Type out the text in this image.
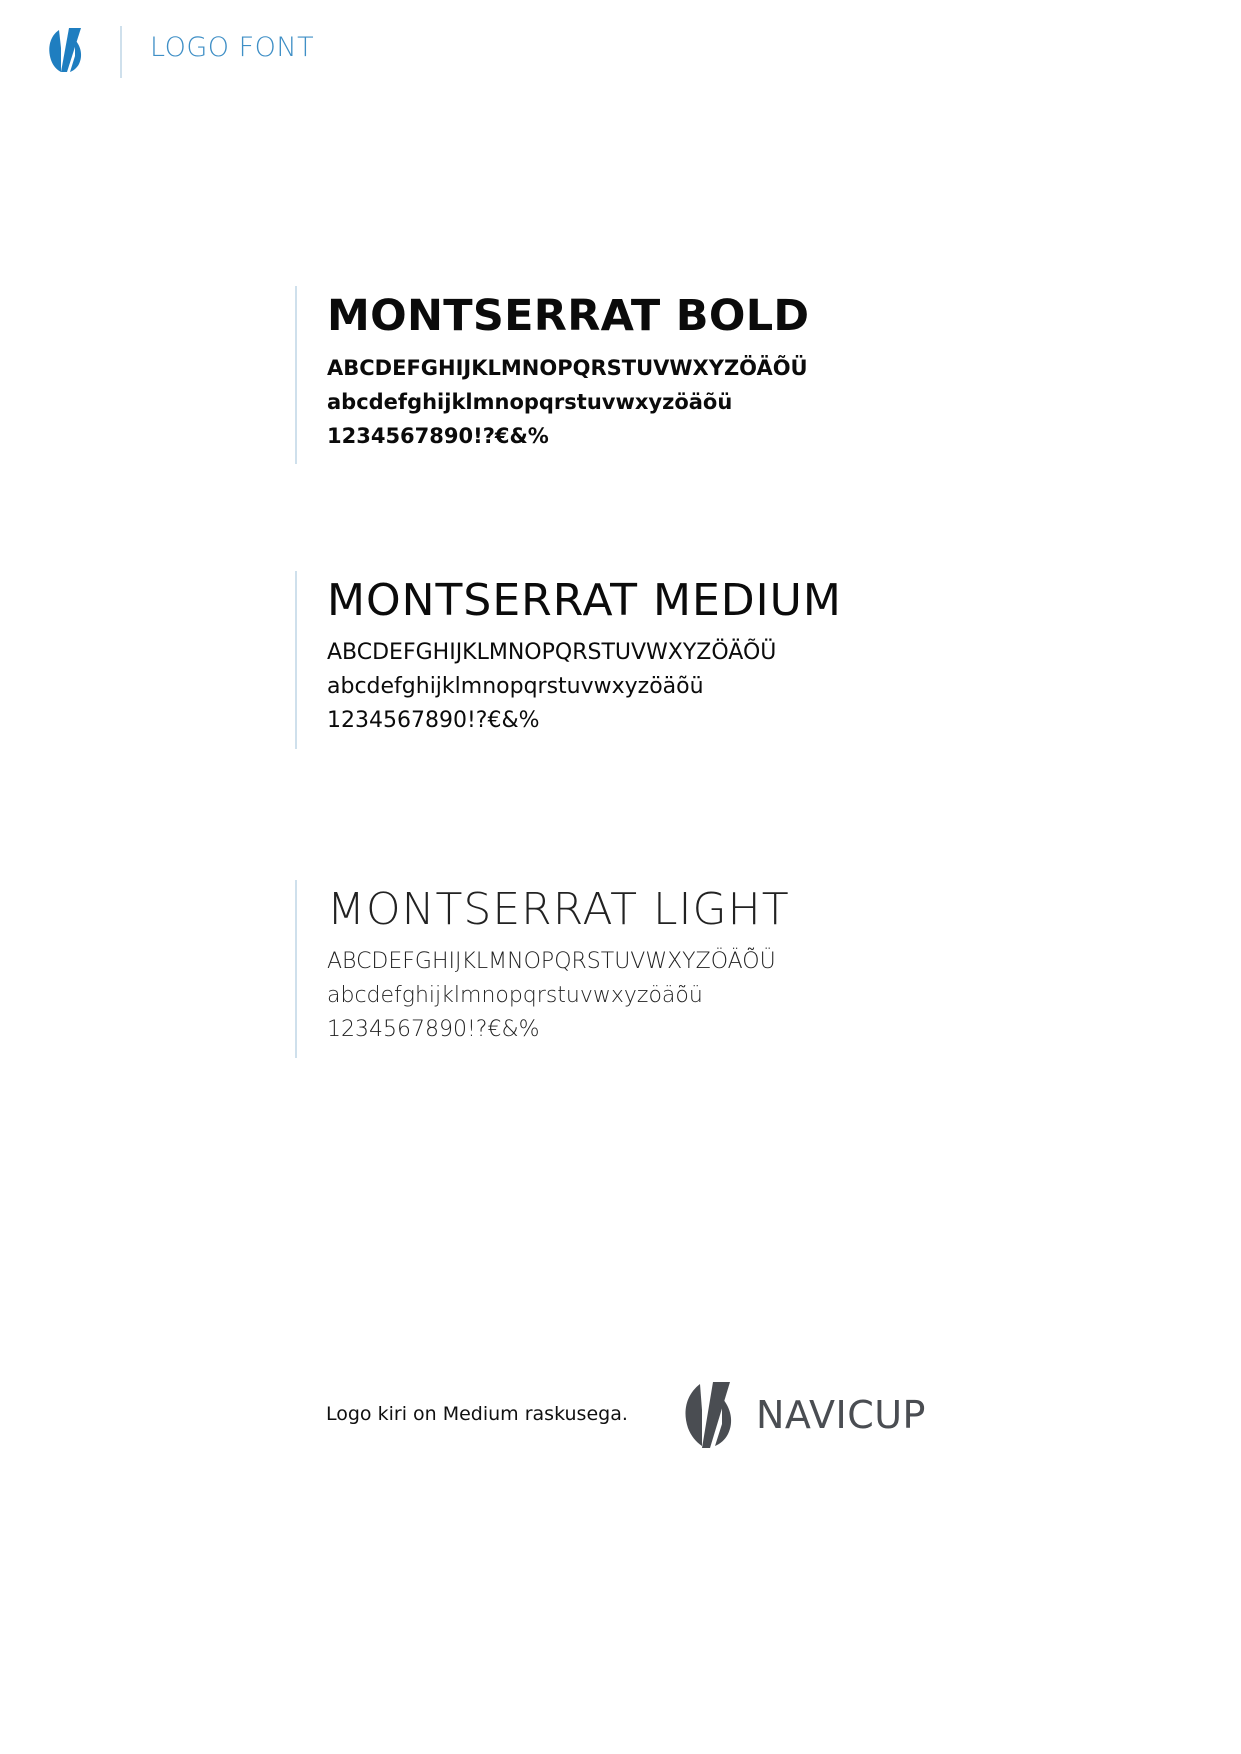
LOGO FONT
MONTSERRAT BOLD
ABCDEFGHIJKLMNOPQRSTUVWXYZÖÄÕÜ
abcdefghijklmnopqrstuvwxyzöäõü
1234567890!?€&%
MONTSERRAT MEDIUM
ABCDEFGHIJKLMNOPQRSTUVWXYZÖÄÕÜ
abcdefghijklmnopqrstuvwxyzöäõü
1234567890!?€&%
MONTSERRAT LIGHT
ABCDEFGHIJKLMNOPQRSTUVWXYZÖÄÕÜ
abcdefghijklmnopqrstuvwxyzöäõü
1234567890!?€&%
Logo kiri on Medium raskusega.	NAVICUP
